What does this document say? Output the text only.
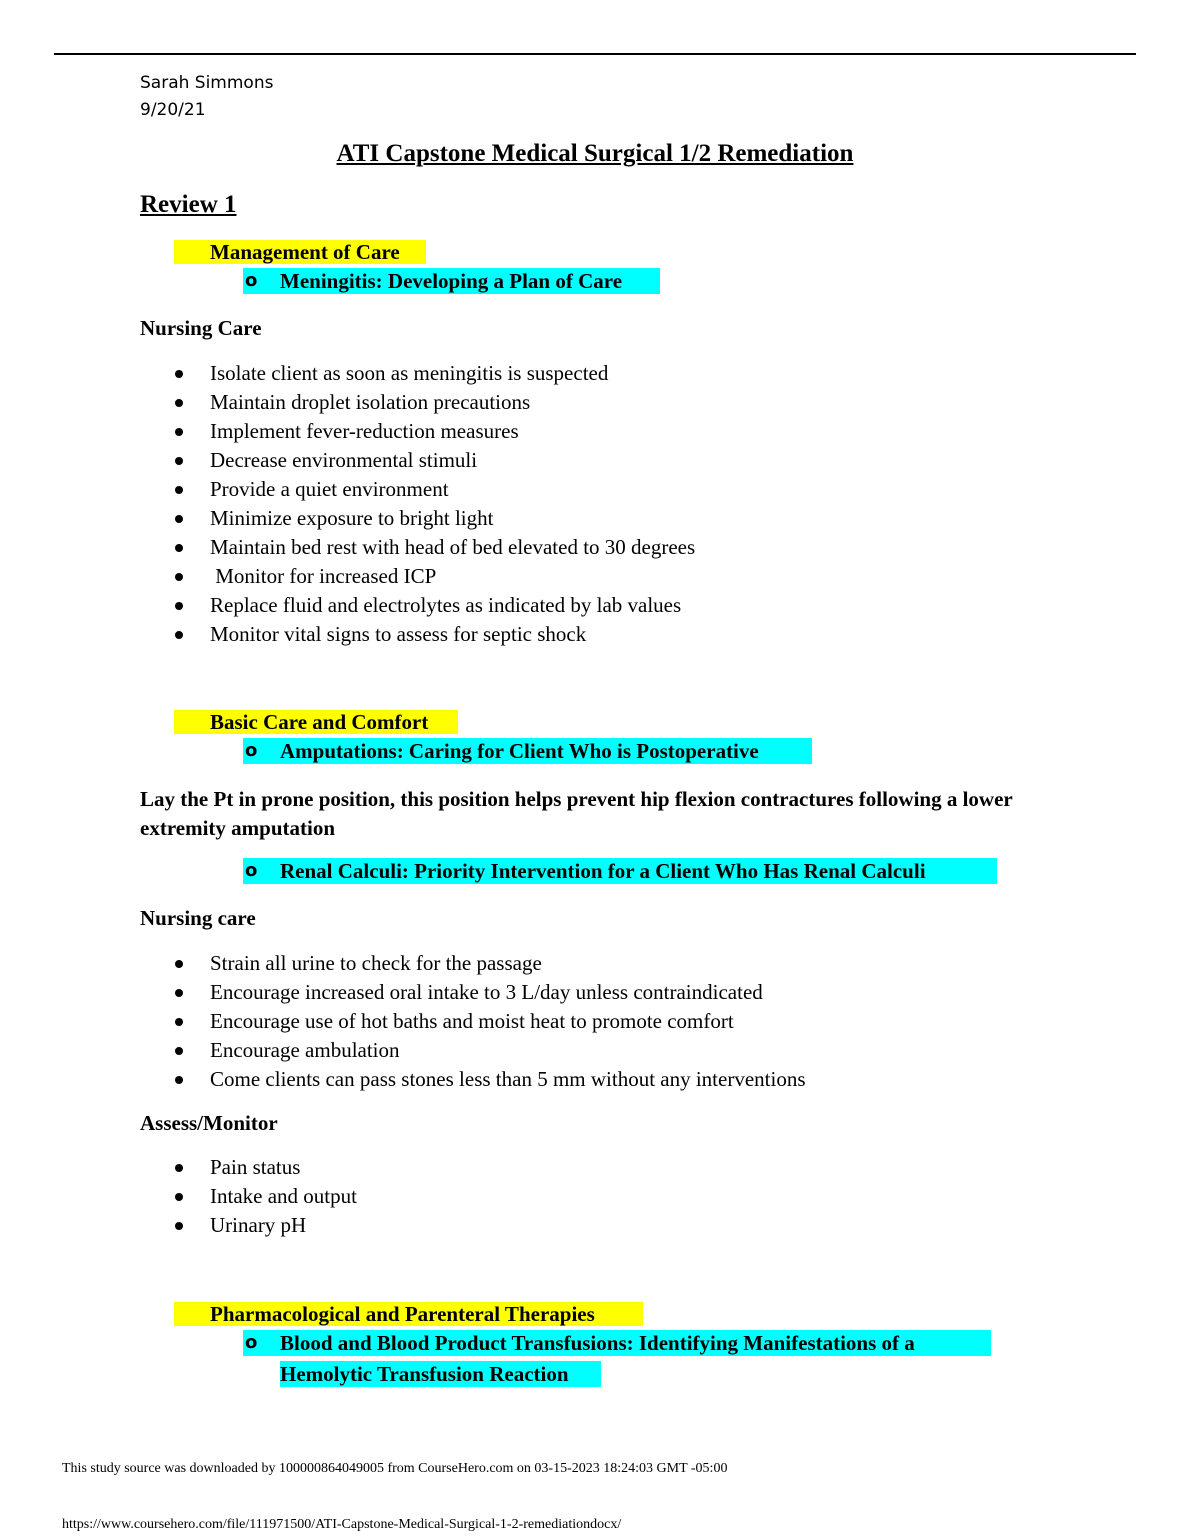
Sarah Simmons
9/20/21
ATI Capstone Medical Surgical 1/2 Remediation
Review 1
Management of Care
Meningitis: Developing a Plan of Care
o
Nursing Care
Isolate client as soon as meningitis is suspected
Maintain droplet isolation precautions
Implement fever-reduction measures
Decrease environmental stimuli
Provide a quiet environment
Minimize exposure to bright light
Maintain bed rest with head of bed elevated to 30 degrees
Monitor for increased ICP
Replace fluid and electrolytes as indicated by lab values
Monitor vital signs to assess for septic shock
Basic Care and Comfort
Amputations: Caring for Client Who is Postoperative
o
Lay the Pt in prone position, this position helps prevent hip flexion contractures following a lower extremity amputation
Renal Calculi: Priority Intervention for a Client Who Has Renal Calculi
o
Nursing care
Strain all urine to check for the passage
Encourage increased oral intake to 3 L/day unless contraindicated
Encourage use of hot baths and moist heat to promote comfort
Encourage ambulation
Come clients can pass stones less than 5 mm without any interventions
Assess/Monitor
Pain status
Intake and output
Urinary pH
Pharmacological and Parenteral Therapies
Blood and Blood Product Transfusions: Identifying Manifestations of a
o
Hemolytic Transfusion Reaction
This study source was downloaded by 100000864049005 from CourseHero.com on 03-15-2023 18:24:03 GMT -05:00
https://www.coursehero.com/file/111971500/ATI-Capstone-Medical-Surgical-1-2-remediationdocx/
